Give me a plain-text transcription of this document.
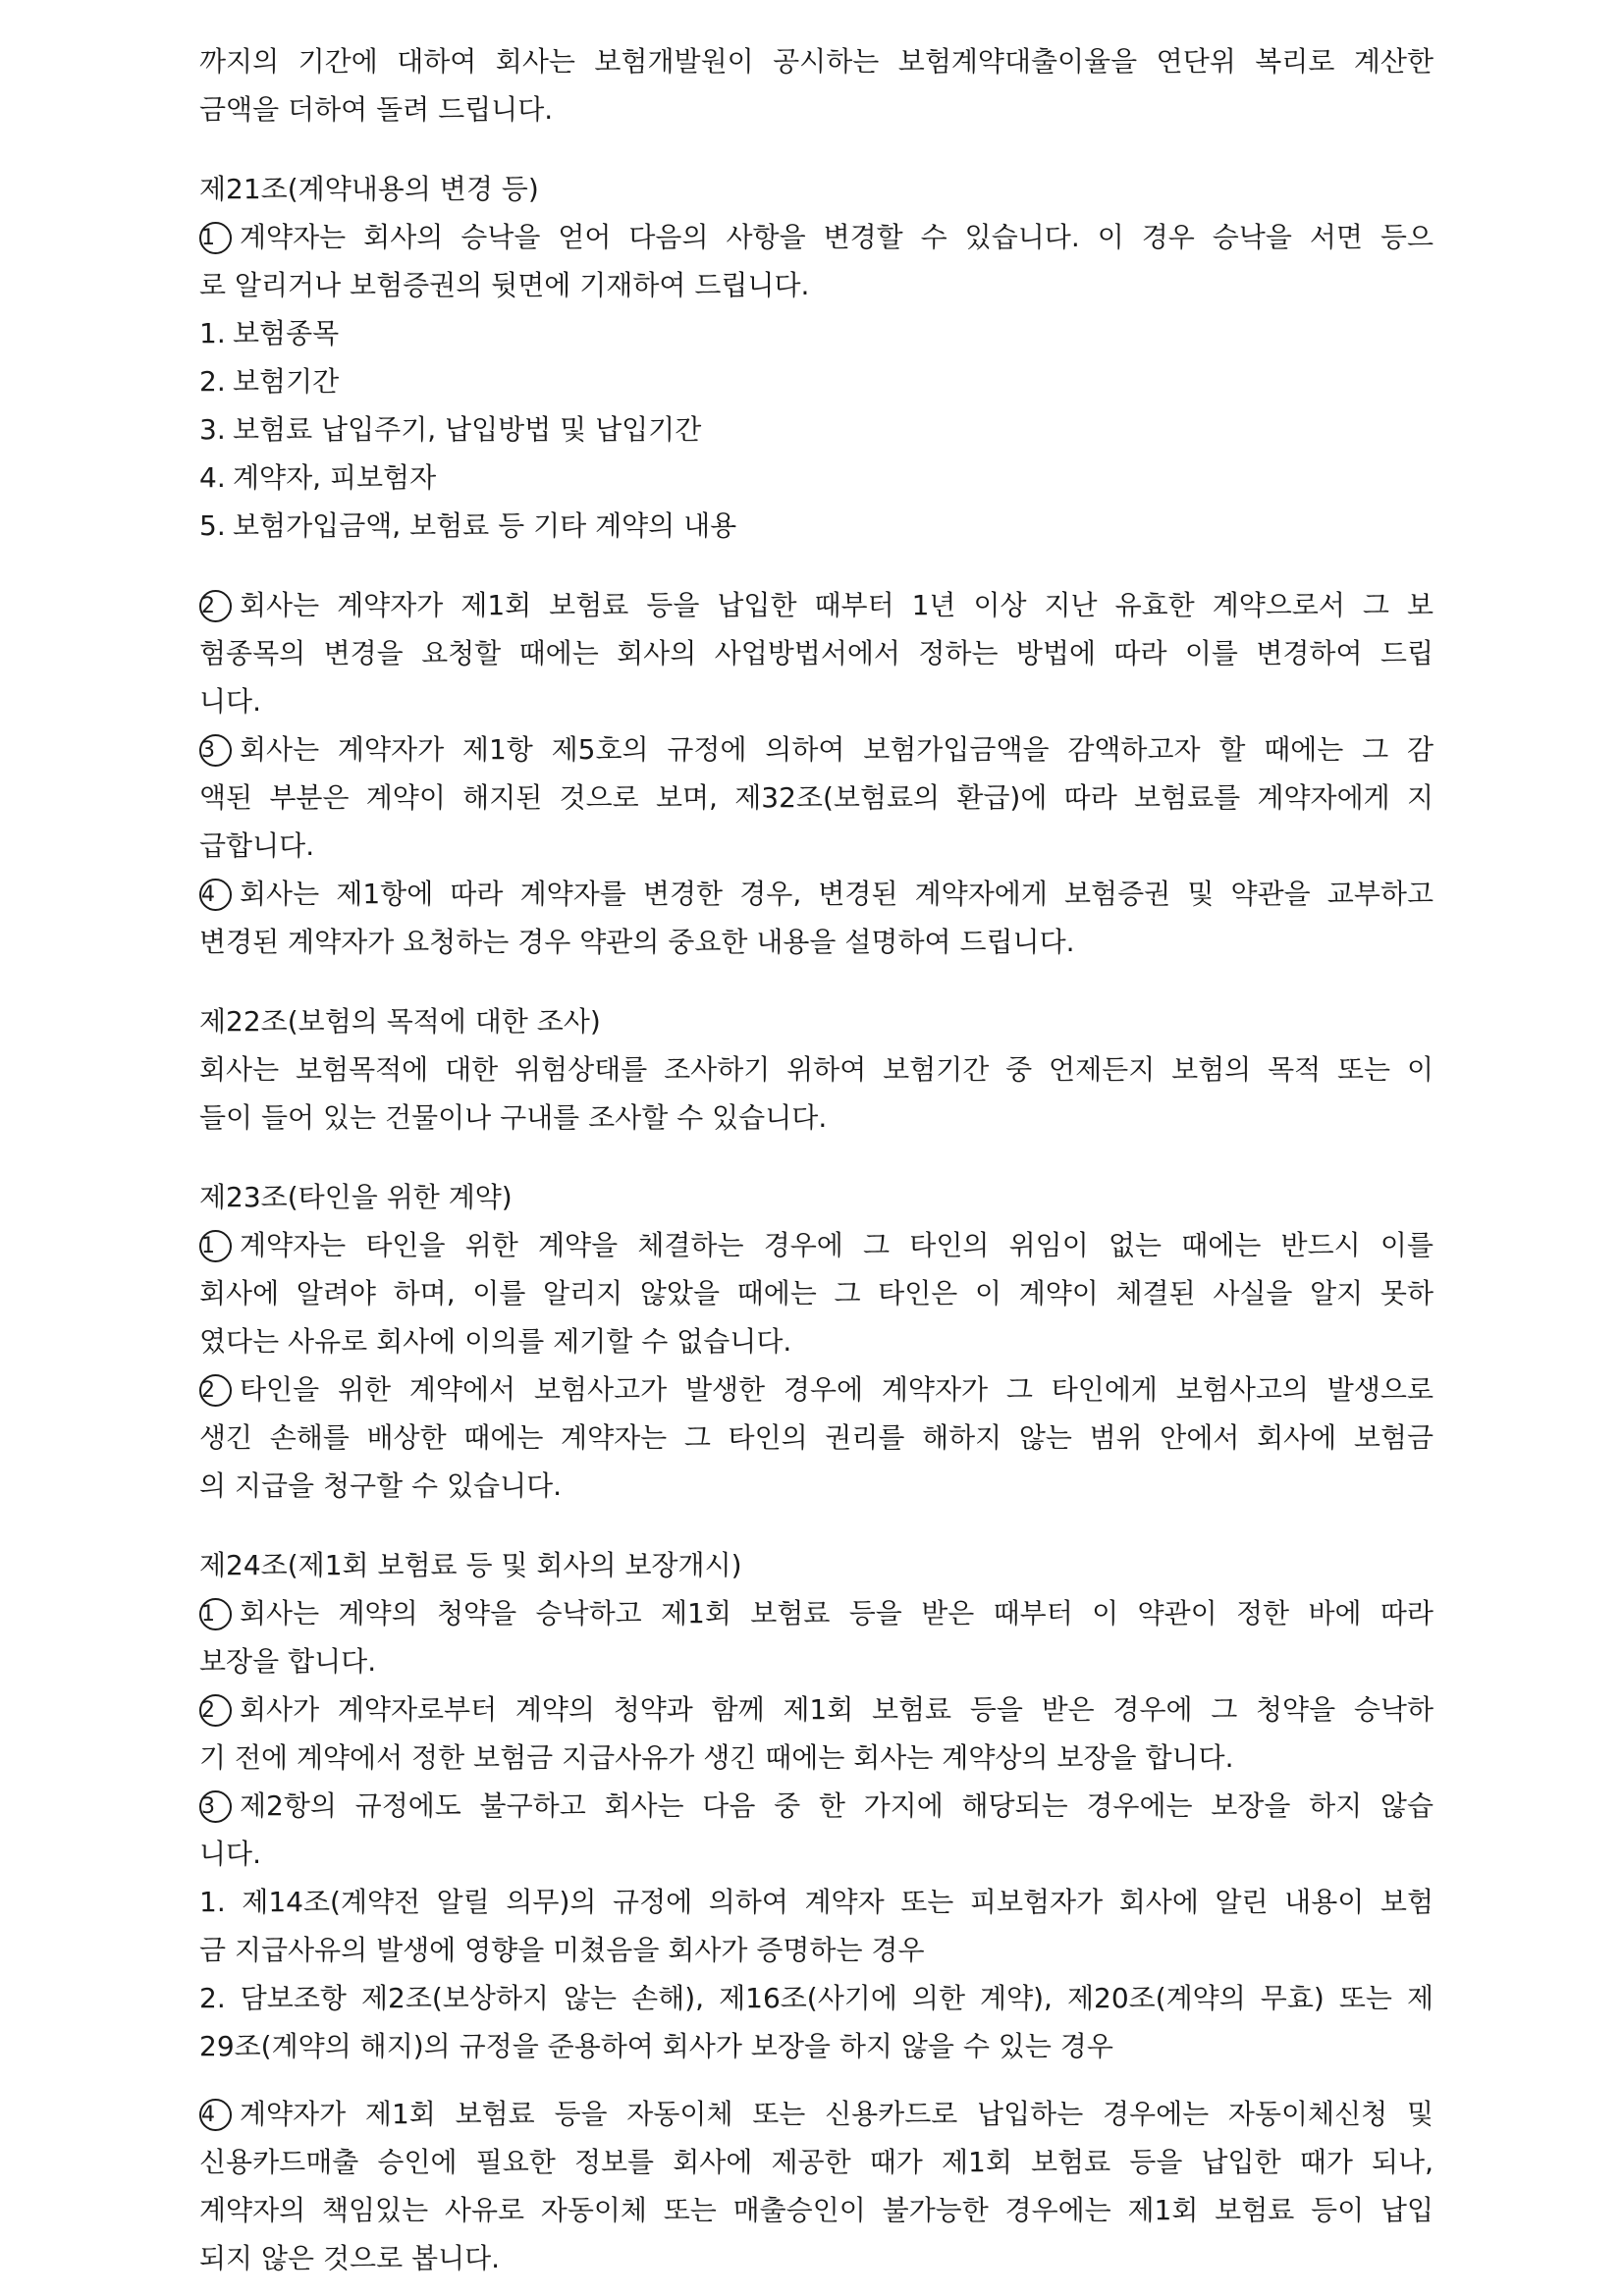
까지의 기간에 대하여 회사는 보험개발원이 공시하는 보험계약대출이율을 연단위 복리로 계산한
금액을 더하여 돌려 드립니다.
제21조(계약내용의 변경 등)
1 계약자는 회사의 승낙을 얻어 다음의 사항을 변경할 수 있습니다. 이 경우 승낙을 서면 등으
로 알리거나 보험증권의 뒷면에 기재하여 드립니다.
1. 보험종목
2. 보험기간
3. 보험료 납입주기, 납입방법 및 납입기간
4. 계약자, 피보험자
5. 보험가입금액, 보험료 등 기타 계약의 내용
2 회사는 계약자가 제1회 보험료 등을 납입한 때부터 1년 이상 지난 유효한 계약으로서 그 보
험종목의 변경을 요청할 때에는 회사의 사업방법서에서 정하는 방법에 따라 이를 변경하여 드립
니다.
3 회사는 계약자가 제1항 제5호의 규정에 의하여 보험가입금액을 감액하고자 할 때에는 그 감
액된 부분은 계약이 해지된 것으로 보며, 제32조(보험료의 환급)에 따라 보험료를 계약자에게 지
급합니다.
4 회사는 제1항에 따라 계약자를 변경한 경우, 변경된 계약자에게 보험증권 및 약관을 교부하고
변경된 계약자가 요청하는 경우 약관의 중요한 내용을 설명하여 드립니다.
제22조(보험의 목적에 대한 조사)
회사는 보험목적에 대한 위험상태를 조사하기 위하여 보험기간 중 언제든지 보험의 목적 또는 이
들이 들어 있는 건물이나 구내를 조사할 수 있습니다.
제23조(타인을 위한 계약)
1 계약자는 타인을 위한 계약을 체결하는 경우에 그 타인의 위임이 없는 때에는 반드시 이를
회사에 알려야 하며, 이를 알리지 않았을 때에는 그 타인은 이 계약이 체결된 사실을 알지 못하
였다는 사유로 회사에 이의를 제기할 수 없습니다.
2 타인을 위한 계약에서 보험사고가 발생한 경우에 계약자가 그 타인에게 보험사고의 발생으로
생긴 손해를 배상한 때에는 계약자는 그 타인의 권리를 해하지 않는 범위 안에서 회사에 보험금
의 지급을 청구할 수 있습니다.
제24조(제1회 보험료 등 및 회사의 보장개시)
1 회사는 계약의 청약을 승낙하고 제1회 보험료 등을 받은 때부터 이 약관이 정한 바에 따라
보장을 합니다.
2 회사가 계약자로부터 계약의 청약과 함께 제1회 보험료 등을 받은 경우에 그 청약을 승낙하
기 전에 계약에서 정한 보험금 지급사유가 생긴 때에는 회사는 계약상의 보장을 합니다.
3 제2항의 규정에도 불구하고 회사는 다음 중 한 가지에 해당되는 경우에는 보장을 하지 않습
니다.
1. 제14조(계약전 알릴 의무)의 규정에 의하여 계약자 또는 피보험자가 회사에 알린 내용이 보험
금 지급사유의 발생에 영향을 미쳤음을 회사가 증명하는 경우
2. 담보조항 제2조(보상하지 않는 손해), 제16조(사기에 의한 계약), 제20조(계약의 무효) 또는 제
29조(계약의 해지)의 규정을 준용하여 회사가 보장을 하지 않을 수 있는 경우
4 계약자가 제1회 보험료 등을 자동이체 또는 신용카드로 납입하는 경우에는 자동이체신청 및
신용카드매출 승인에 필요한 정보를 회사에 제공한 때가 제1회 보험료 등을 납입한 때가 되나,
계약자의 책임있는 사유로 자동이체 또는 매출승인이 불가능한 경우에는 제1회 보험료 등이 납입
되지 않은 것으로 봅니다.
